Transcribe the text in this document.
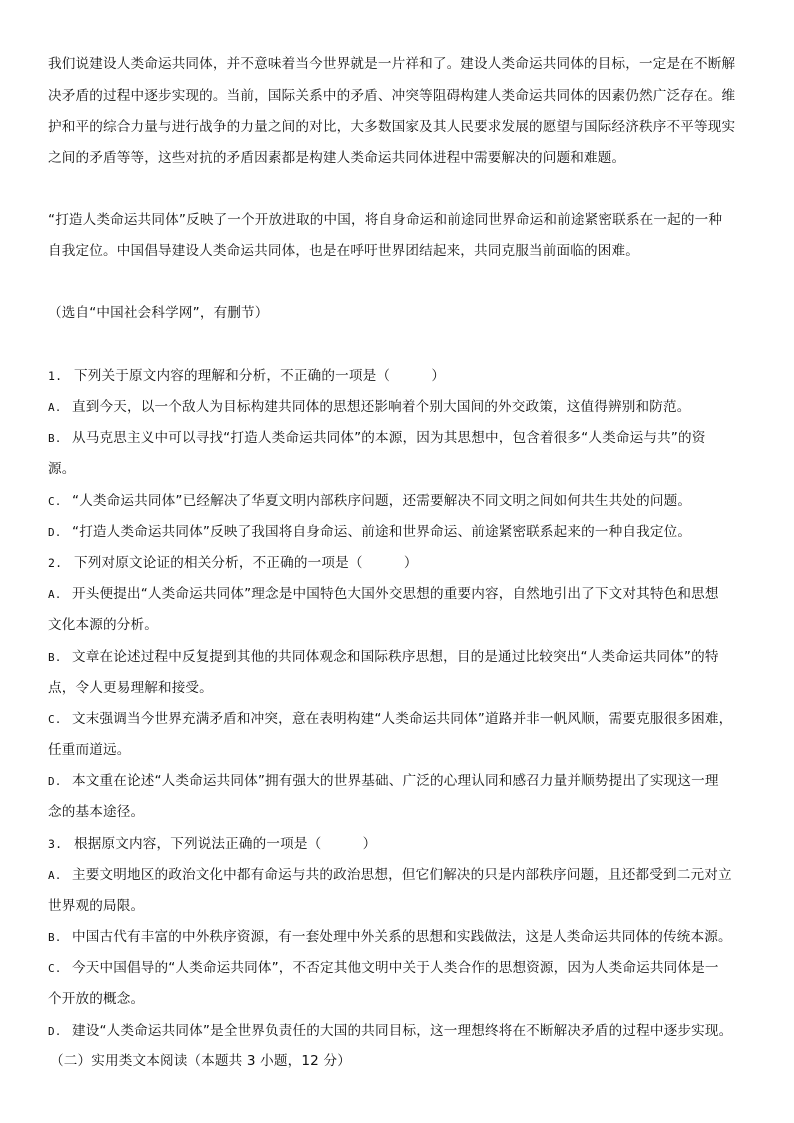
我们说建设人类命运共同体，并不意味着当今世界就是一片祥和了。建设人类命运共同体的目标，一定是在不断解
决矛盾的过程中逐步实现的。当前，国际关系中的矛盾、冲突等阻碍构建人类命运共同体的因素仍然广泛存在。维
护和平的综合力量与进行战争的力量之间的对比，大多数国家及其人民要求发展的愿望与国际经济秩序不平等现实
之间的矛盾等等，这些对抗的矛盾因素都是构建人类命运共同体进程中需要解决的问题和难题。
“打造人类命运共同体”反映了一个开放进取的中国，将自身命运和前途同世界命运和前途紧密联系在一起的一种
自我定位。中国倡导建设人类命运共同体，也是在呼吁世界团结起来，共同克服当前面临的困难。
（选自“中国社会科学网”，有删节）
1. 下列关于原文内容的理解和分析，不正确的一项是（　　　）
A. 直到今天，以一个敌人为目标构建共同体的思想还影响着个别大国间的外交政策，这值得辨别和防范。
B. 从马克思主义中可以寻找“打造人类命运共同体”的本源，因为其思想中，包含着很多“人类命运与共”的资
源。
C. “人类命运共同体”已经解决了华夏文明内部秩序问题，还需要解决不同文明之间如何共生共处的问题。
D. “打造人类命运共同体”反映了我国将自身命运、前途和世界命运、前途紧密联系起来的一种自我定位。
2. 下列对原文论证的相关分析，不正确的一项是（　　　）
A. 开头便提出“人类命运共同体”理念是中国特色大国外交思想的重要内容，自然地引出了下文对其特色和思想
文化本源的分析。
B. 文章在论述过程中反复提到其他的共同体观念和国际秩序思想，目的是通过比较突出“人类命运共同体”的特
点，令人更易理解和接受。
C. 文末强调当今世界充满矛盾和冲突，意在表明构建“人类命运共同体”道路并非一帆风顺，需要克服很多困难，
任重而道远。
D. 本文重在论述“人类命运共同体”拥有强大的世界基础、广泛的心理认同和感召力量并顺势提出了实现这一理
念的基本途径。
3. 根据原文内容，下列说法正确的一项是（　　　）
A. 主要文明地区的政治文化中都有命运与共的政治思想，但它们解决的只是内部秩序问题，且还都受到二元对立
世界观的局限。
B. 中国古代有丰富的中外秩序资源，有一套处理中外关系的思想和实践做法，这是人类命运共同体的传统本源。
C. 今天中国倡导的“人类命运共同体”，不否定其他文明中关于人类合作的思想资源，因为人类命运共同体是一
个开放的概念。
D. 建设“人类命运共同体”是全世界负责任的大国的共同目标，这一理想终将在不断解决矛盾的过程中逐步实现。
（二）实用类文本阅读（本题共 3 小题，12 分）
